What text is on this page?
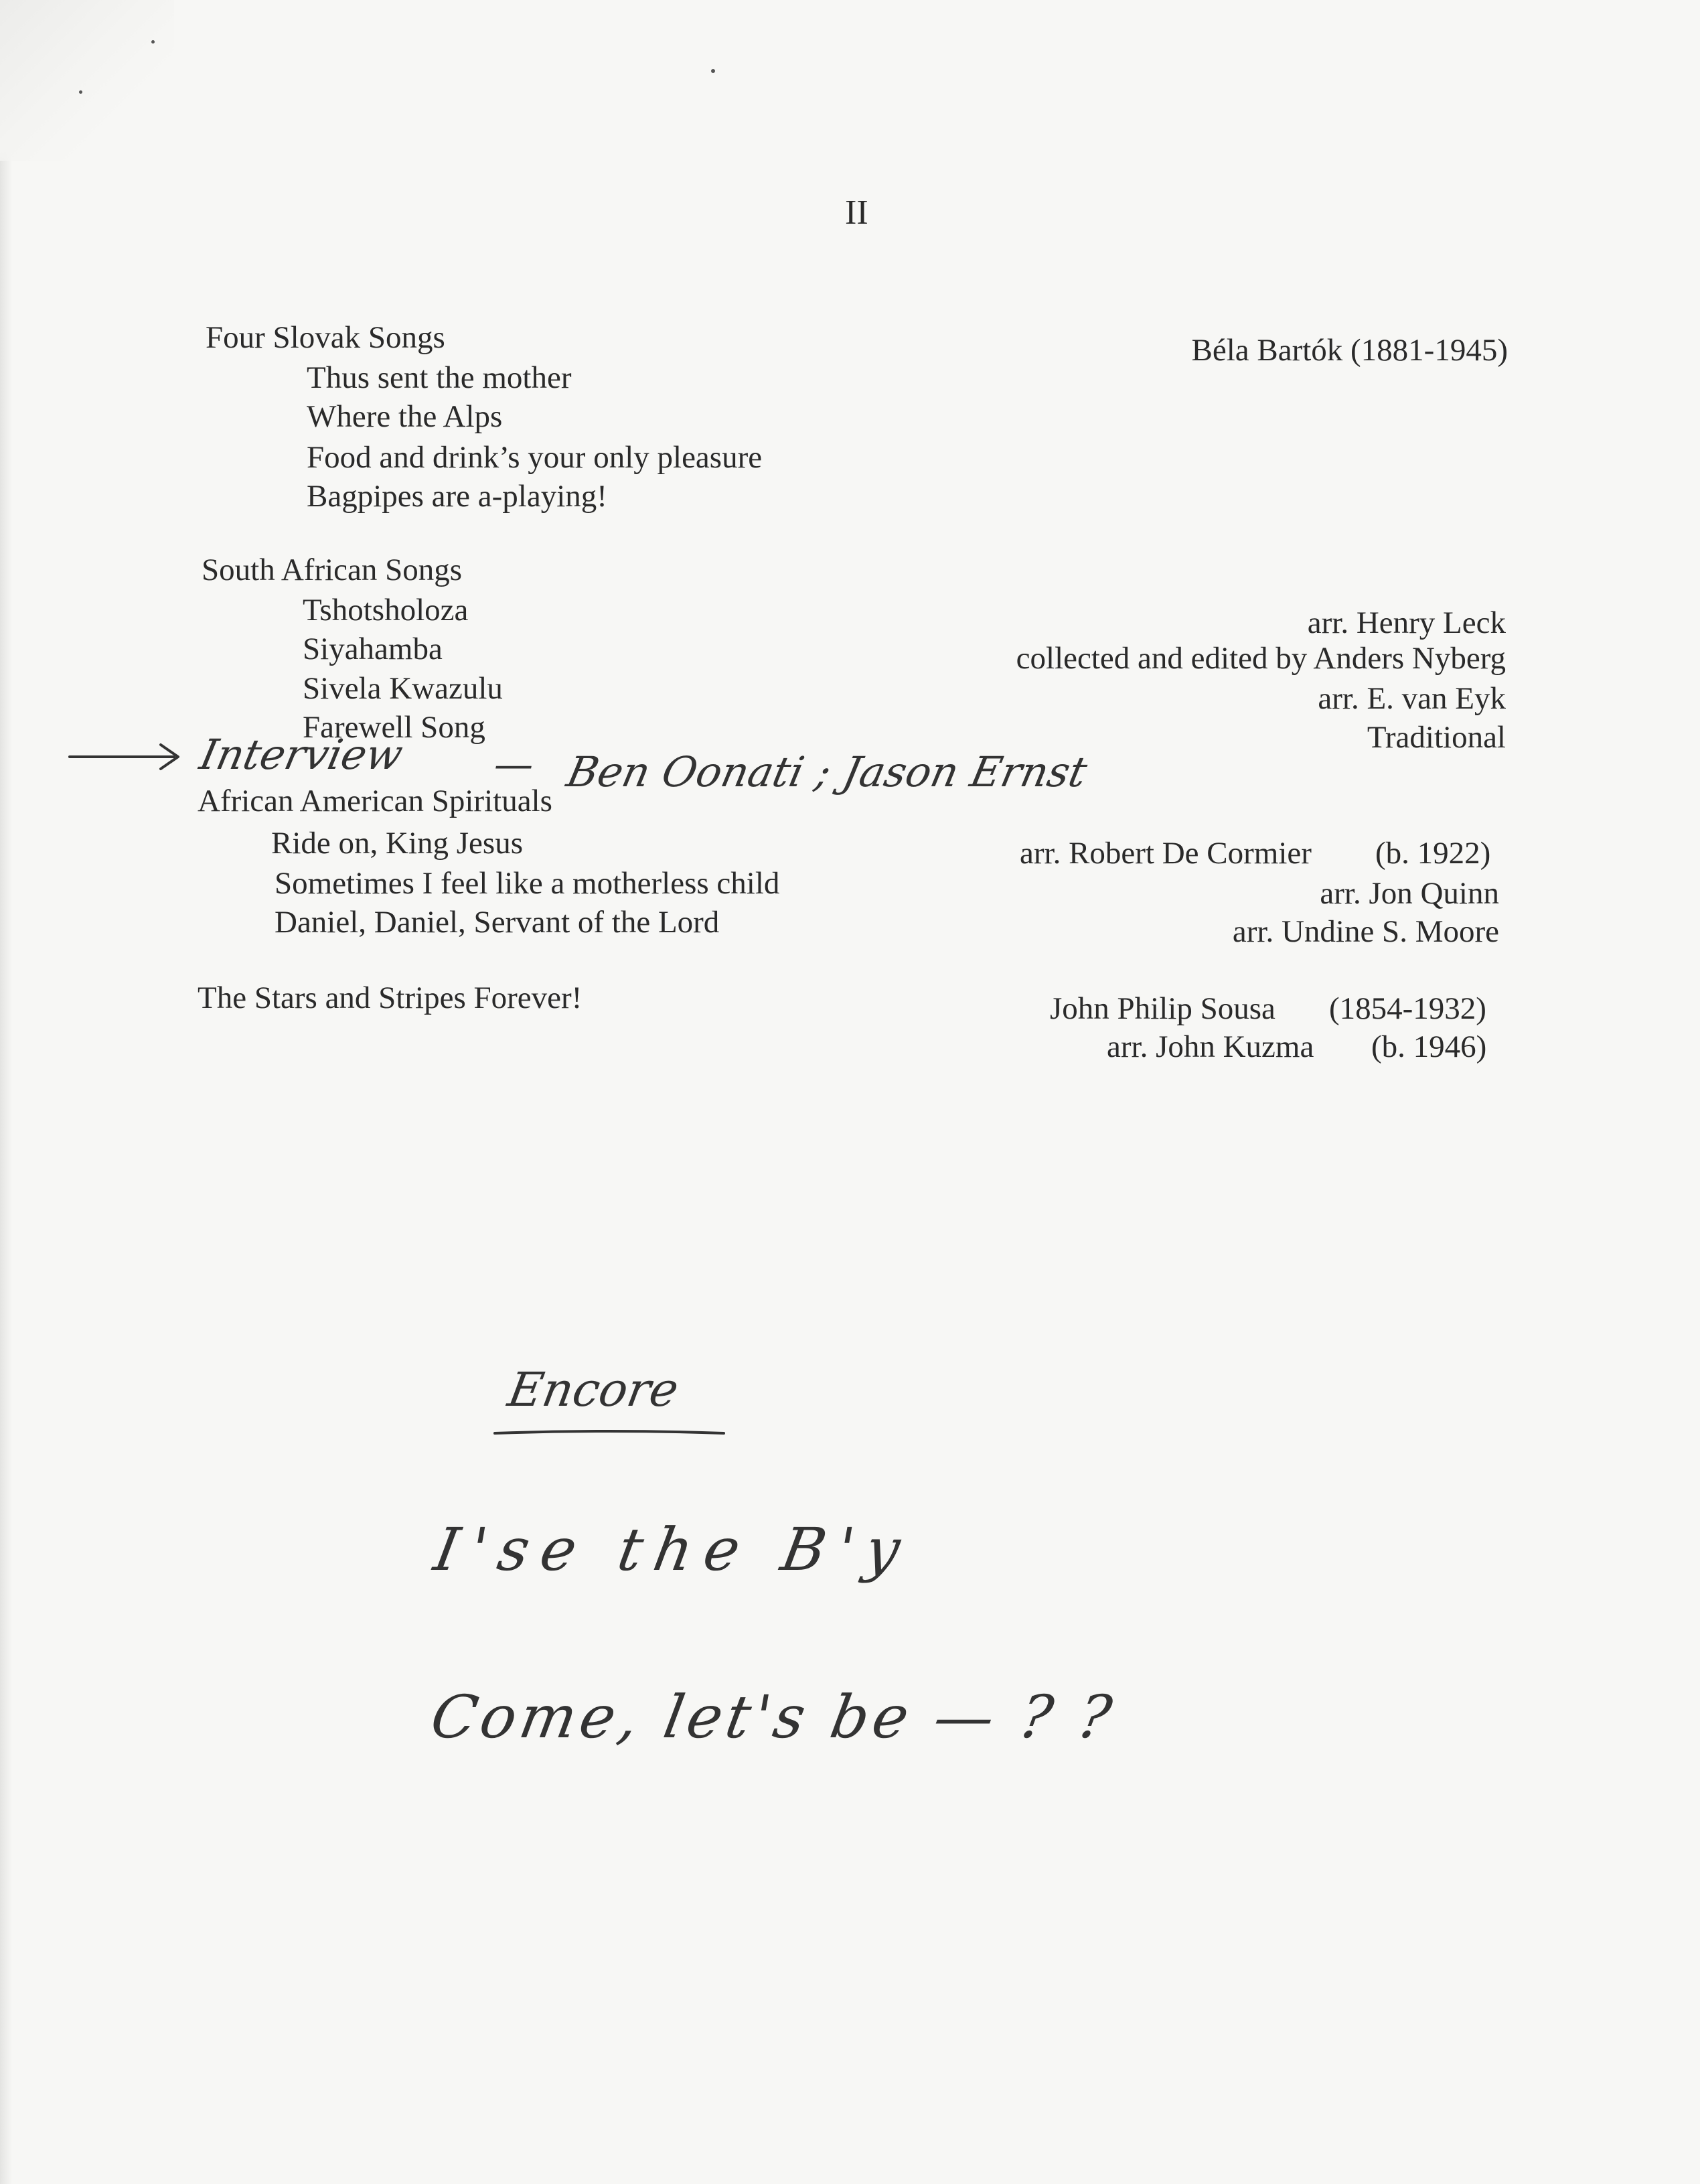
II
Four Slovak Songs
Thus sent the mother
Where the Alps
Food and drink’s your only pleasure
Bagpipes are a-playing!
Béla Bartók (1881-1945)
South African Songs
Tshotsholoza
Siyahamba
Sivela Kwazulu
Farewell Song
arr. Henry Leck
collected and edited by Anders Nyberg
arr. E. van Eyk
Traditional
Interview — Ben Oonati ; Jason Ernst
African American Spirituals
Ride on, King Jesus
Sometimes I feel like a motherless child
Daniel, Daniel, Servant of the Lord
arr. Robert De Cormier (b. 1922)
arr. Jon Quinn
arr. Undine S. Moore
The Stars and Stripes Forever!	John Philip Sousa (1854-1932)
arr. John Kuzma (b. 1946)
Encore
I'se the B'y
Come, let's be — ? ?
